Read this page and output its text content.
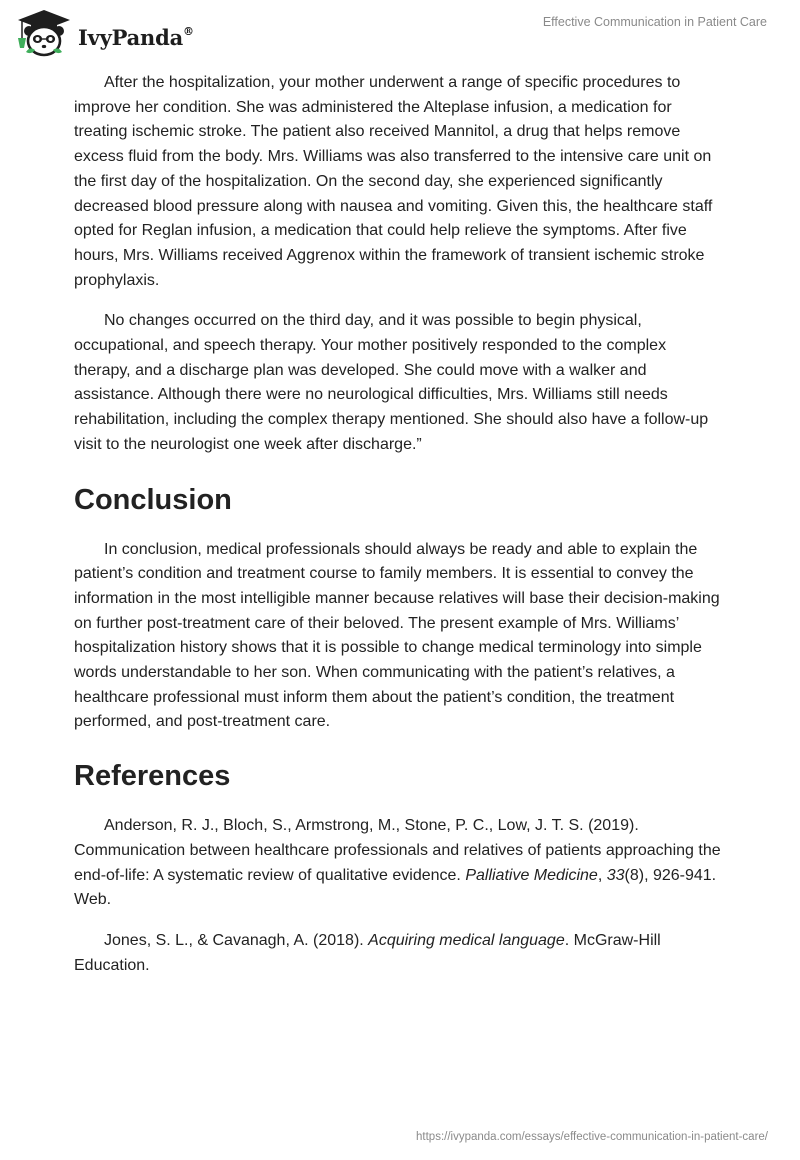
IvyPanda®
Effective Communication in Patient Care

After the hospitalization, your mother underwent a range of specific procedures to improve her condition. She was administered the Alteplase infusion, a medication for treating ischemic stroke. The patient also received Mannitol, a drug that helps remove excess fluid from the body. Mrs. Williams was also transferred to the intensive care unit on the first day of the hospitalization. On the second day, she experienced significantly decreased blood pressure along with nausea and vomiting. Given this, the healthcare staff opted for Reglan infusion, a medication that could help relieve the symptoms. After five hours, Mrs. Williams received Aggrenox within the framework of transient ischemic stroke prophylaxis.

No changes occurred on the third day, and it was possible to begin physical, occupational, and speech therapy. Your mother positively responded to the complex therapy, and a discharge plan was developed. She could move with a walker and assistance. Although there were no neurological difficulties, Mrs. Williams still needs rehabilitation, including the complex therapy mentioned. She should also have a follow-up visit to the neurologist one week after discharge.”

Conclusion

In conclusion, medical professionals should always be ready and able to explain the patient’s condition and treatment course to family members. It is essential to convey the information in the most intelligible manner because relatives will base their decision-making on further post-treatment care of their beloved. The present example of Mrs. Williams’ hospitalization history shows that it is possible to change medical terminology into simple words understandable to her son. When communicating with the patient’s relatives, a healthcare professional must inform them about the patient’s condition, the treatment performed, and post-treatment care.

References

Anderson, R. J., Bloch, S., Armstrong, M., Stone, P. C., Low, J. T. S. (2019). Communication between healthcare professionals and relatives of patients approaching the end-of-life: A systematic review of qualitative evidence. Palliative Medicine, 33(8), 926-941. Web.

Jones, S. L., & Cavanagh, A. (2018). Acquiring medical language. McGraw-Hill Education.

https://ivypanda.com/essays/effective-communication-in-patient-care/
